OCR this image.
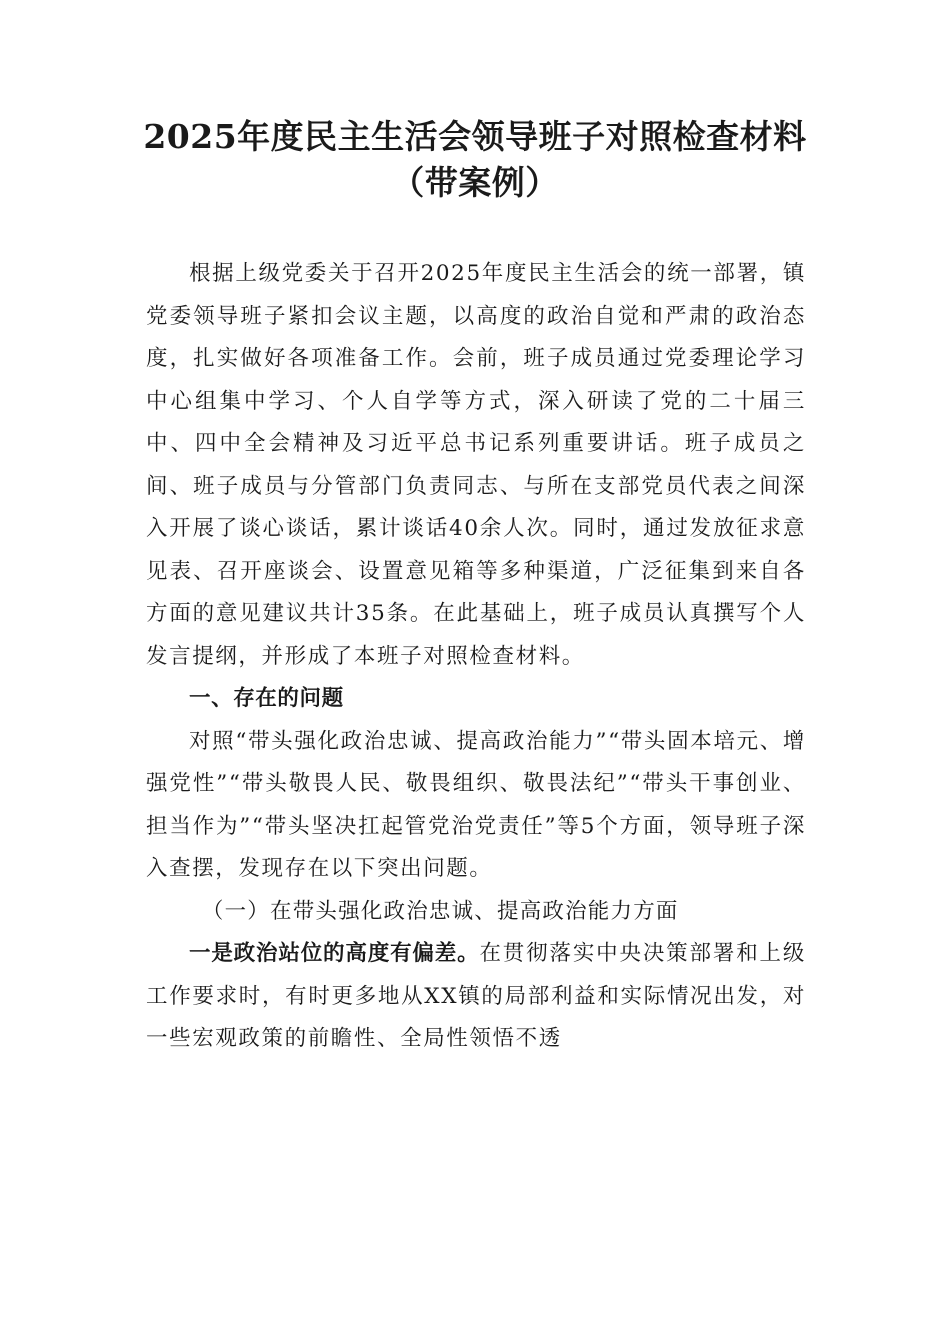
2025年度民主生活会领导班子对照检查材料（带案例）

根据上级党委关于召开2025年度民主生活会的统一部署，镇党委领导班子紧扣会议主题，以高度的政治自觉和严肃的政治态度，扎实做好各项准备工作。会前，班子成员通过党委理论学习中心组集中学习、个人自学等方式，深入研读了党的二十届三中、四中全会精神及习近平总书记系列重要讲话。班子成员之间、班子成员与分管部门负责同志、与所在支部党员代表之间深入开展了谈心谈话，累计谈话40余人次。同时，通过发放征求意见表、召开座谈会、设置意见箱等多种渠道，广泛征集到来自各方面的意见建议共计35条。在此基础上，班子成员认真撰写个人发言提纲，并形成了本班子对照检查材料。

一、存在的问题

对照“带头强化政治忠诚、提高政治能力”“带头固本培元、增强党性”“带头敬畏人民、敬畏组织、敬畏法纪”“带头干事创业、担当作为”“带头坚决扛起管党治党责任”等5个方面，领导班子深入查摆，发现存在以下突出问题。

（一）在带头强化政治忠诚、提高政治能力方面

一是政治站位的高度有偏差。在贯彻落实中央决策部署和上级工作要求时，有时更多地从XX镇的局部利益和实际情况出发，对一些宏观政策的前瞻性、全局性领悟不透
